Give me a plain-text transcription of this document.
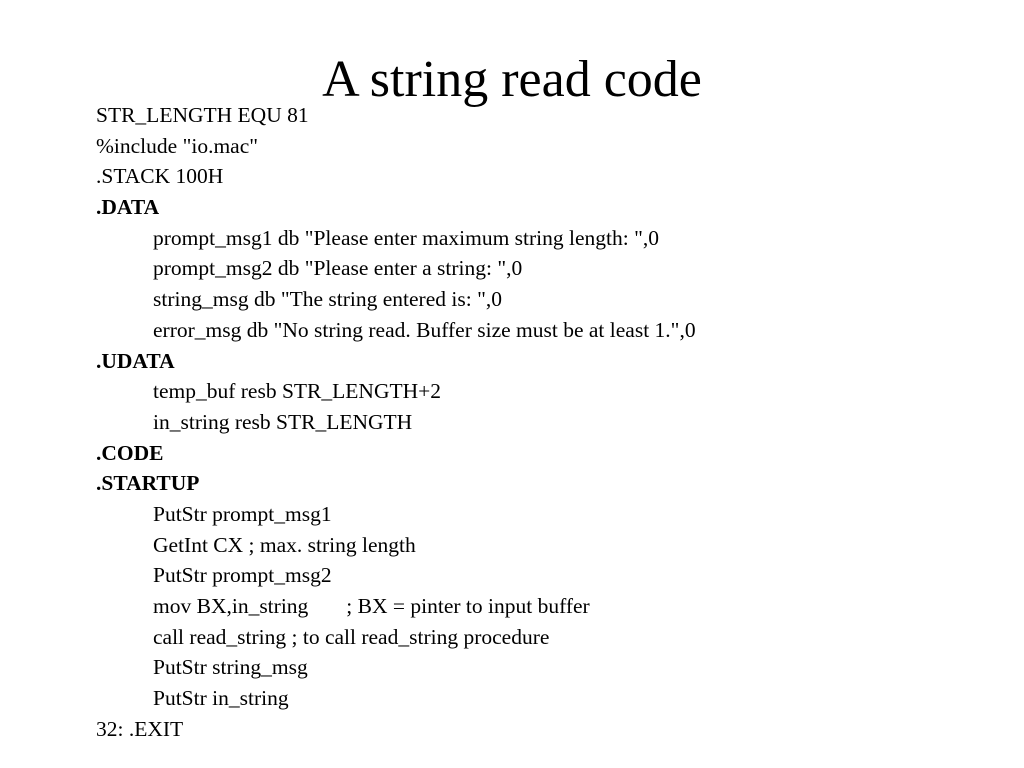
A string read code
STR_LENGTH EQU 81
%include "io.mac"
.STACK 100H
.DATA
prompt_msg1 db "Please enter maximum string length: ",0
prompt_msg2 db "Please enter a string: ",0
string_msg db "The string entered is: ",0
error_msg db "No string read. Buffer size must be at least 1.",0
.UDATA
temp_buf resb STR_LENGTH+2
in_string resb STR_LENGTH
.CODE
.STARTUP
PutStr prompt_msg1
GetInt CX ; max. string length
PutStr prompt_msg2
mov BX,in_string ; BX = pinter to input buffer
call read_string ; to call read_string procedure
PutStr string_msg
PutStr in_string
32: .EXIT
